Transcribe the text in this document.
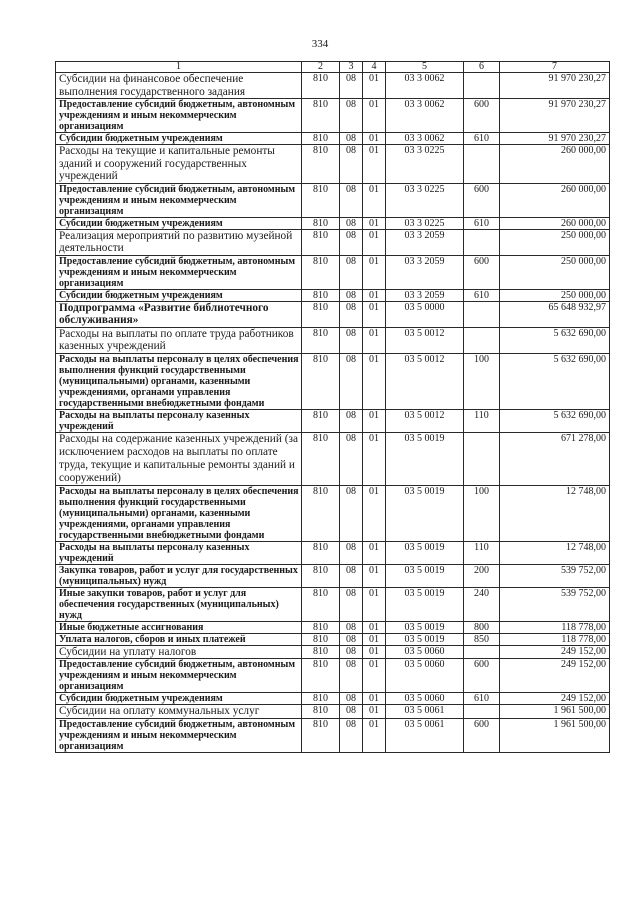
334
1	2	3	4	5	6	7
Субсидии на финансовое обеспечение выполнения государственного задания	810	08	01	03 3 0062		91 970 230,27
Предоставление субсидий бюджетным, автономным учреждениям и иным некоммерческим организациям	810	08	01	03 3 0062	600	91 970 230,27
Субсидии бюджетным учреждениям	810	08	01	03 3 0062	610	91 970 230,27
Расходы на текущие и капитальные ремонты зданий и сооружений государственных учреждений	810	08	01	03 3 0225		260 000,00
Предоставление субсидий бюджетным, автономным учреждениям и иным некоммерческим организациям	810	08	01	03 3 0225	600	260 000,00
Субсидии бюджетным учреждениям	810	08	01	03 3 0225	610	260 000,00
Реализация мероприятий по развитию музейной деятельности	810	08	01	03 3 2059		250 000,00
Предоставление субсидий бюджетным, автономным учреждениям и иным некоммерческим организациям	810	08	01	03 3 2059	600	250 000,00
Субсидии бюджетным учреждениям	810	08	01	03 3 2059	610	250 000,00
Подпрограмма «Развитие библиотечного обслуживания»	810	08	01	03 5 0000		65 648 932,97
Расходы на выплаты по оплате труда работников казенных учреждений	810	08	01	03 5 0012		5 632 690,00
Расходы на выплаты персоналу в целях обеспечения выполнения функций государственными (муниципальными) органами, казенными учреждениями, органами управления государственными внебюджетными фондами	810	08	01	03 5 0012	100	5 632 690,00
Расходы на выплаты персоналу казенных учреждений	810	08	01	03 5 0012	110	5 632 690,00
Расходы на содержание казенных учреждений (за исключением расходов на выплаты по оплате труда, текущие и капитальные ремонты зданий и сооружений)	810	08	01	03 5 0019		671 278,00
Расходы на выплаты персоналу в целях обеспечения выполнения функций государственными (муниципальными) органами, казенными учреждениями, органами управления государственными внебюджетными фондами	810	08	01	03 5 0019	100	12 748,00
Расходы на выплаты персоналу казенных учреждений	810	08	01	03 5 0019	110	12 748,00
Закупка товаров, работ и услуг для государственных (муниципальных) нужд	810	08	01	03 5 0019	200	539 752,00
Иные закупки товаров, работ и услуг для обеспечения государственных (муниципальных) нужд	810	08	01	03 5 0019	240	539 752,00
Иные бюджетные ассигнования	810	08	01	03 5 0019	800	118 778,00
Уплата налогов, сборов и иных платежей	810	08	01	03 5 0019	850	118 778,00
Субсидии на уплату налогов	810	08	01	03 5 0060		249 152,00
Предоставление субсидий бюджетным, автономным учреждениям и иным некоммерческим организациям	810	08	01	03 5 0060	600	249 152,00
Субсидии бюджетным учреждениям	810	08	01	03 5 0060	610	249 152,00
Субсидии на оплату коммунальных услуг	810	08	01	03 5 0061		1 961 500,00
Предоставление субсидий бюджетным, автономным учреждениям и иным некоммерческим организациям	810	08	01	03 5 0061	600	1 961 500,00
